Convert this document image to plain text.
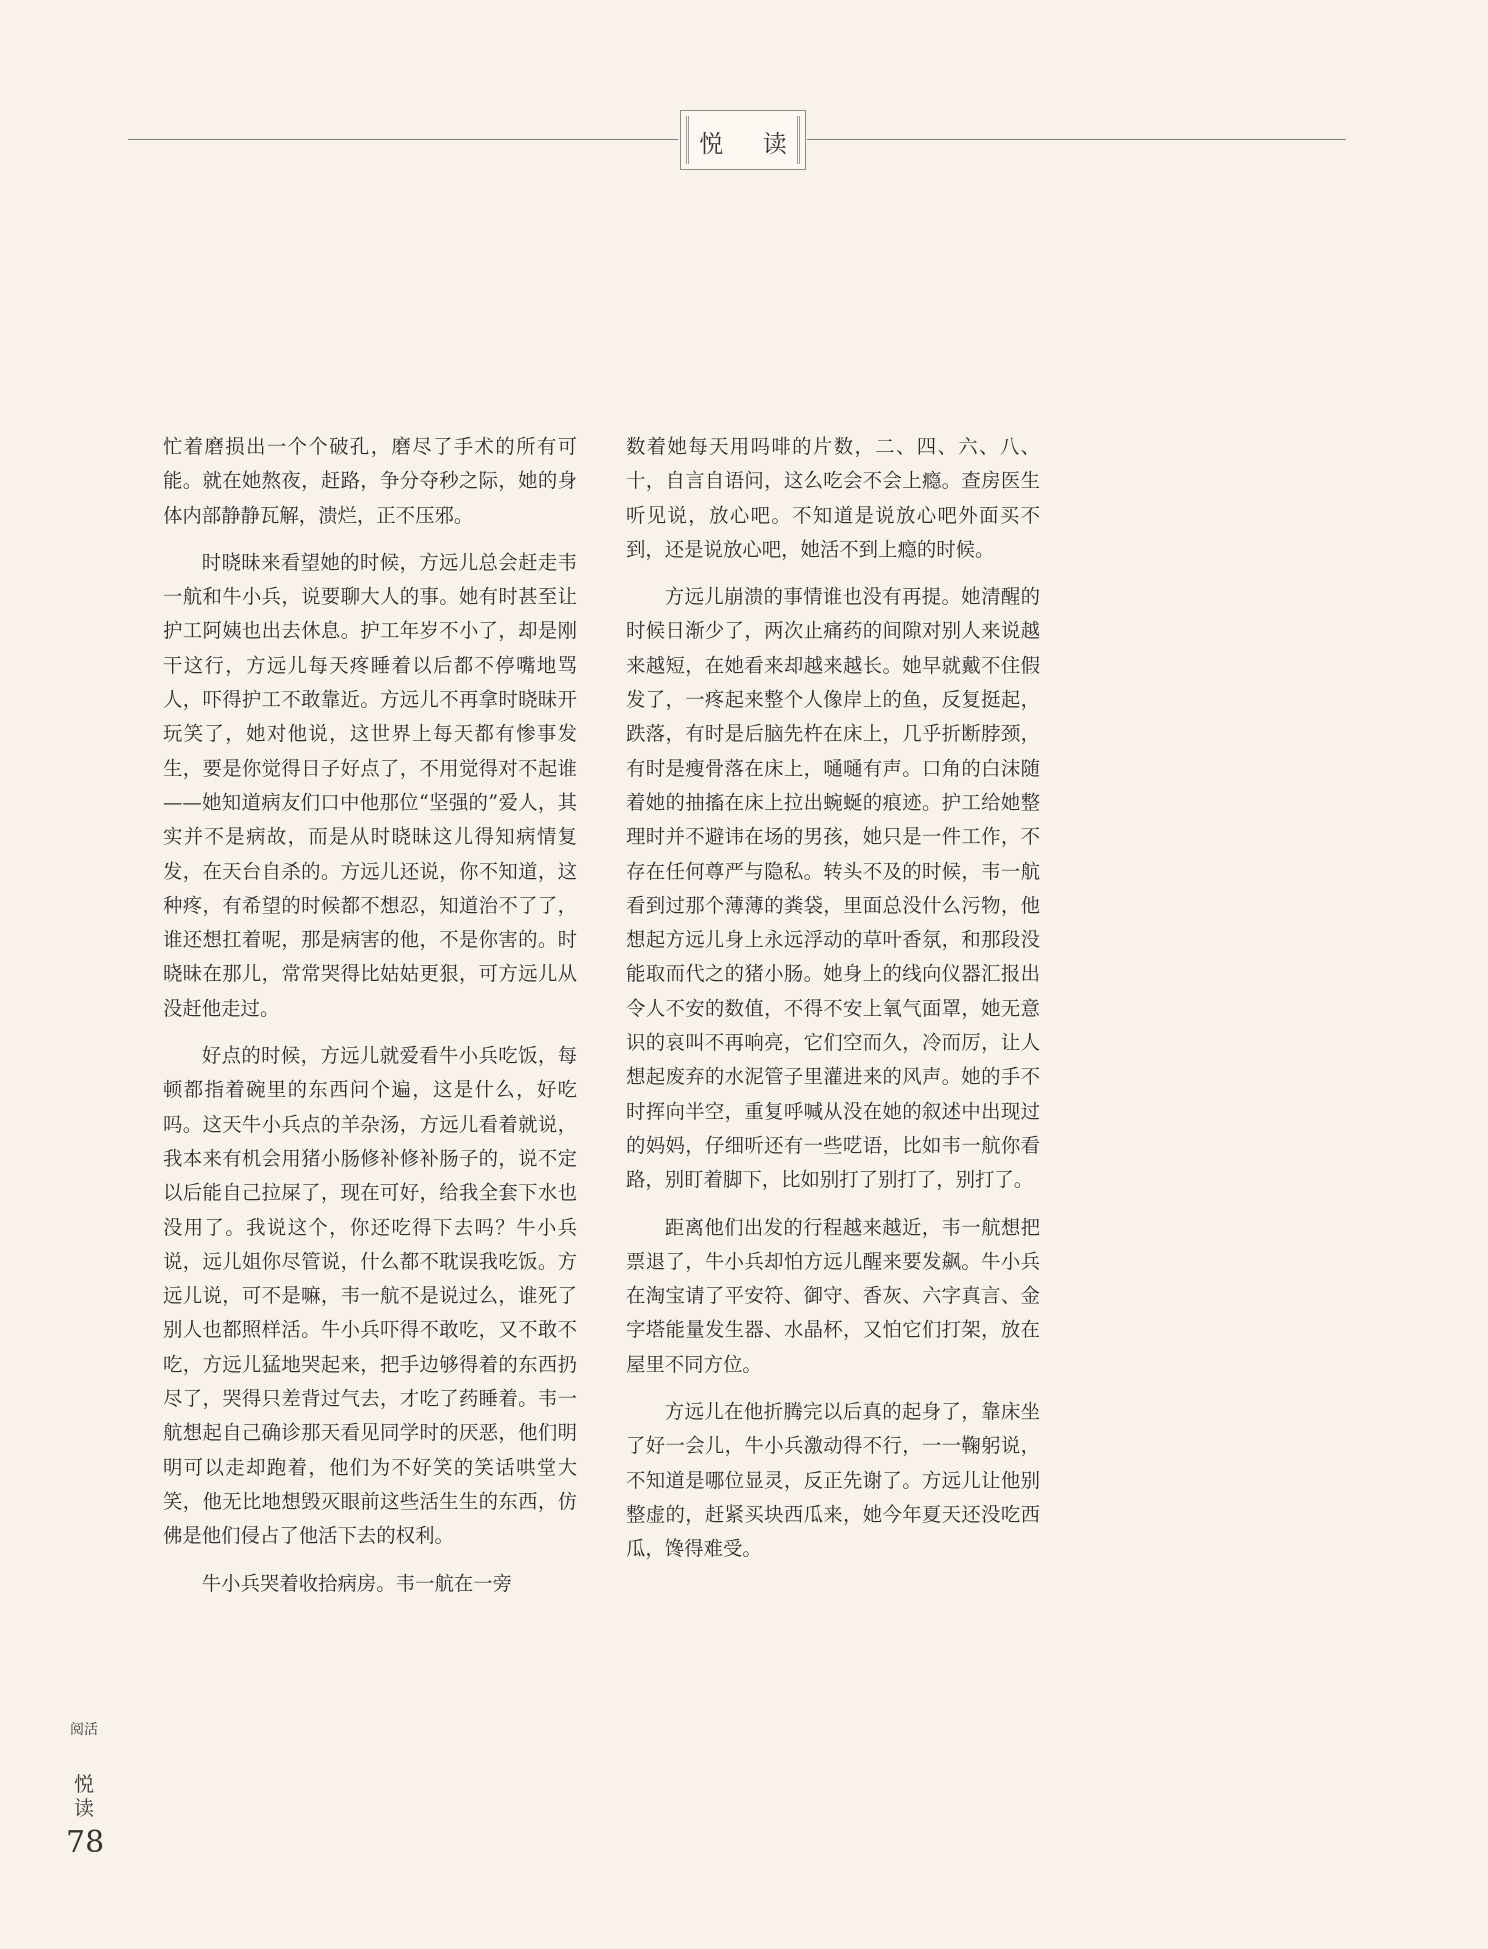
悦 读

忙着磨损出一个个破孔，磨尽了手术的所有可能。就在她熬夜，赶路，争分夺秒之际，她的身体内部静静瓦解，溃烂，正不压邪。

时晓昧来看望她的时候，方远儿总会赶走韦一航和牛小兵，说要聊大人的事。她有时甚至让护工阿姨也出去休息。护工年岁不小了，却是刚干这行，方远儿每天疼睡着以后都不停嘴地骂人，吓得护工不敢靠近。方远儿不再拿时晓昧开玩笑了，她对他说，这世界上每天都有惨事发生，要是你觉得日子好点了，不用觉得对不起谁——她知道病友们口中他那位“坚强的”爱人，其实并不是病故，而是从时晓昧这儿得知病情复发，在天台自杀的。方远儿还说，你不知道，这种疼，有希望的时候都不想忍，知道治不了了，谁还想扛着呢，那是病害的他，不是你害的。时晓昧在那儿，常常哭得比姑姑更狠，可方远儿从没赶他走过。

好点的时候，方远儿就爱看牛小兵吃饭，每顿都指着碗里的东西问个遍，这是什么，好吃吗。这天牛小兵点的羊杂汤，方远儿看着就说，我本来有机会用猪小肠修补修补肠子的，说不定以后能自己拉屎了，现在可好，给我全套下水也没用了。我说这个，你还吃得下去吗？牛小兵说，远儿姐你尽管说，什么都不耽误我吃饭。方远儿说，可不是嘛，韦一航不是说过么，谁死了别人也都照样活。牛小兵吓得不敢吃，又不敢不吃，方远儿猛地哭起来，把手边够得着的东西扔尽了，哭得只差背过气去，才吃了药睡着。韦一航想起自己确诊那天看见同学时的厌恶，他们明明可以走却跑着，他们为不好笑的笑话哄堂大笑，他无比地想毁灭眼前这些活生生的东西，仿佛是他们侵占了他活下去的权利。

牛小兵哭着收拾病房。韦一航在一旁

数着她每天用吗啡的片数，二、四、六、八、十，自言自语问，这么吃会不会上瘾。查房医生听见说，放心吧。不知道是说放心吧外面买不到，还是说放心吧，她活不到上瘾的时候。

方远儿崩溃的事情谁也没有再提。她清醒的时候日渐少了，两次止痛药的间隙对别人来说越来越短，在她看来却越来越长。她早就戴不住假发了，一疼起来整个人像岸上的鱼，反复挺起，跌落，有时是后脑先杵在床上，几乎折断脖颈，有时是瘦骨落在床上，嗵嗵有声。口角的白沫随着她的抽搐在床上拉出蜿蜒的痕迹。护工给她整理时并不避讳在场的男孩，她只是一件工作，不存在任何尊严与隐私。转头不及的时候，韦一航看到过那个薄薄的粪袋，里面总没什么污物，他想起方远儿身上永远浮动的草叶香氛，和那段没能取而代之的猪小肠。她身上的线向仪器汇报出令人不安的数值，不得不安上氧气面罩，她无意识的哀叫不再响亮，它们空而久，冷而厉，让人想起废弃的水泥管子里灌进来的风声。她的手不时挥向半空，重复呼喊从没在她的叙述中出现过的妈妈，仔细听还有一些呓语，比如韦一航你看路，别盯着脚下，比如别打了别打了，别打了。

距离他们出发的行程越来越近，韦一航想把票退了，牛小兵却怕方远儿醒来要发飙。牛小兵在淘宝请了平安符、御守、香灰、六字真言、金字塔能量发生器、水晶杯，又怕它们打架，放在屋里不同方位。

方远儿在他折腾完以后真的起身了，靠床坐了好一会儿，牛小兵激动得不行，一一鞠躬说，不知道是哪位显灵，反正先谢了。方远儿让他别整虚的，赶紧买块西瓜来，她今年夏天还没吃西瓜，馋得难受。

阅活
悦读
78
